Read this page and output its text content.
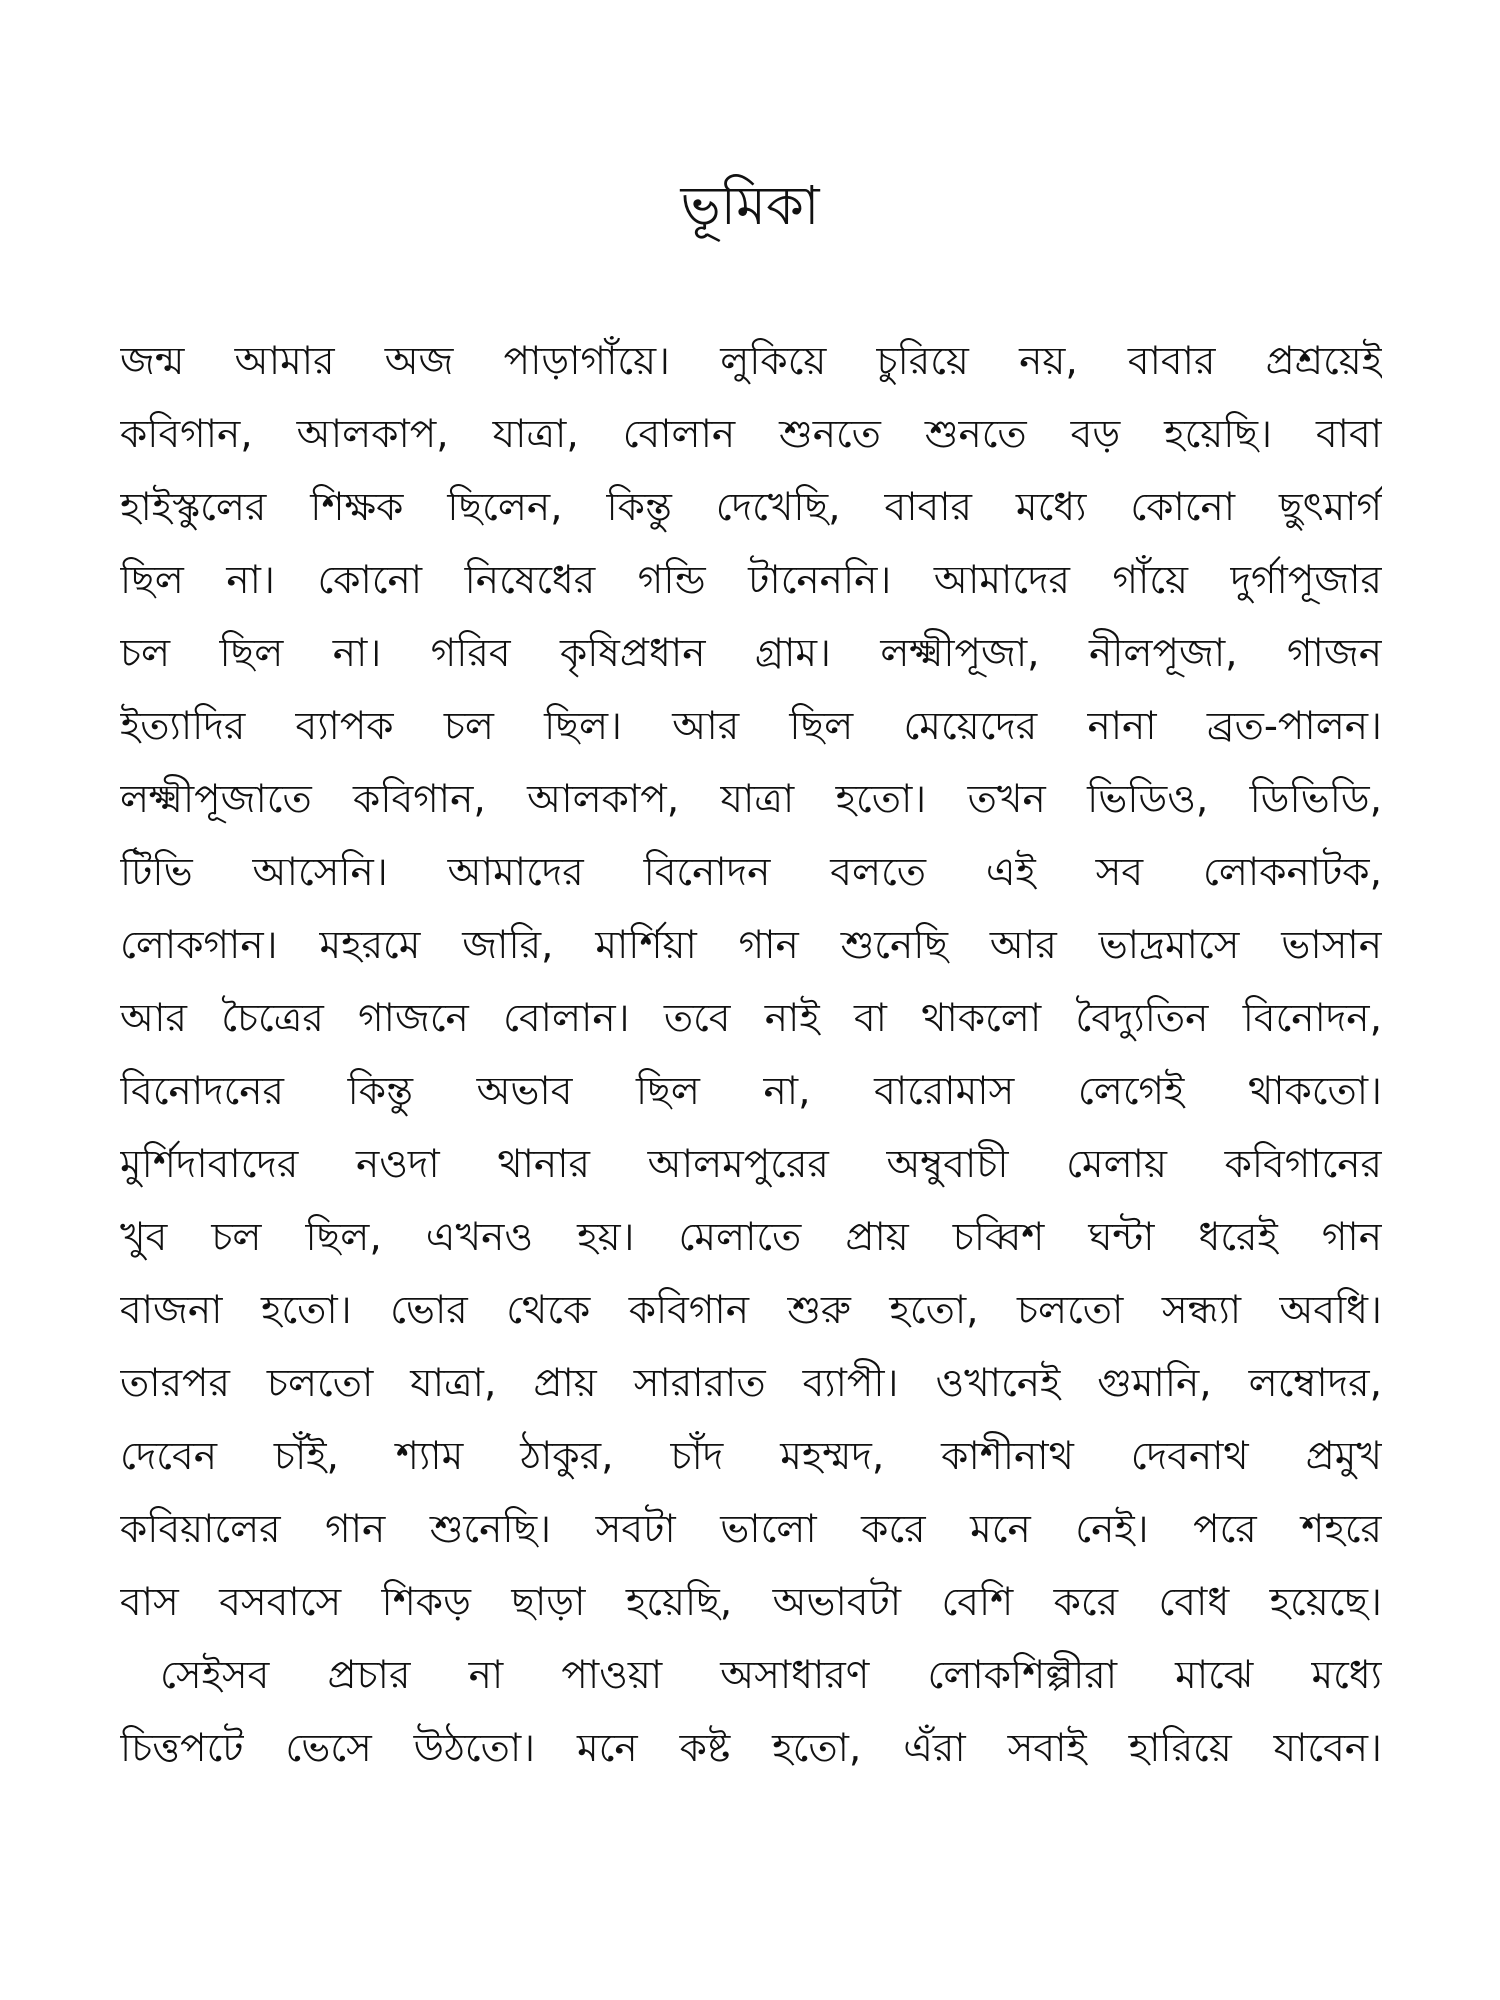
ভূমিকা
জন্ম আমার অজ পাড়াগাঁয়ে। লুকিয়ে চুরিয়ে নয়, বাবার প্রশ্রয়েই
কবিগান, আলকাপ, যাত্রা, বোলান শুনতে শুনতে বড় হয়েছি। বাবা
হাইস্কুলের শিক্ষক ছিলেন, কিন্তু দেখেছি, বাবার মধ্যে কোনো ছুৎমার্গ
ছিল না। কোনো নিষেধের গন্ডি টানেননি। আমাদের গাঁয়ে দুর্গাপূজার
চল ছিল না। গরিব কৃষিপ্রধান গ্রাম। লক্ষ্মীপূজা, নীলপূজা, গাজন
ইত্যাদির ব্যাপক চল ছিল। আর ছিল মেয়েদের নানা ব্রত-পালন।
লক্ষ্মীপূজাতে কবিগান, আলকাপ, যাত্রা হতো। তখন ভিডিও, ডিভিডি,
টিভি আসেনি। আমাদের বিনোদন বলতে এই সব লোকনাটক,
লোকগান। মহরমে জারি, মার্শিয়া গান শুনেছি আর ভাদ্রমাসে ভাসান
আর চৈত্রের গাজনে বোলান। তবে নাই বা থাকলো বৈদ্যুতিন বিনোদন,
বিনোদনের কিন্তু অভাব ছিল না, বারোমাস লেগেই থাকতো।
মুর্শিদাবাদের নওদা থানার আলমপুরের অম্বুবাচী মেলায় কবিগানের
খুব চল ছিল, এখনও হয়। মেলাতে প্রায় চব্বিশ ঘন্টা ধরেই গান
বাজনা হতো। ভোর থেকে কবিগান শুরু হতো, চলতো সন্ধ্যা অবধি।
তারপর চলতো যাত্রা, প্রায় সারারাত ব্যাপী। ওখানেই গুমানি, লম্বোদর,
দেবেন চাঁই, শ্যাম ঠাকুর, চাঁদ মহম্মদ, কাশীনাথ দেবনাথ প্রমুখ
কবিয়ালের গান শুনেছি। সবটা ভালো করে মনে নেই। পরে শহরে
বাস বসবাসে শিকড় ছাড়া হয়েছি, অভাবটা বেশি করে বোধ হয়েছে।
সেইসব প্রচার না পাওয়া অসাধারণ লোকশিল্পীরা মাঝে মধ্যে
চিত্তপটে ভেসে উঠতো। মনে কষ্ট হতো, এঁরা সবাই হারিয়ে যাবেন।
